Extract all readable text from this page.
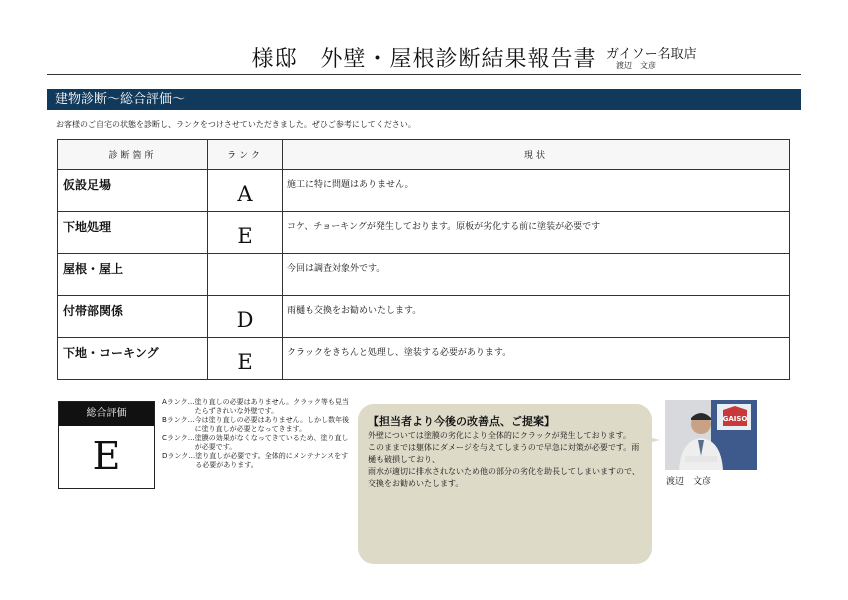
様邸　外壁・屋根診断結果報告書 ガイソー名取店
渡辺　文彦
建物診断～総合評価～
お客様のご自宅の状態を診断し、ランクをつけさせていただきました。ぜひご参考にしてください。
診断箇所	ランク	現状
仮設足場	A	施工に特に問題はありません。
下地処理	E	コケ、チョーキングが発生しております。原板が劣化する前に塗装が必要です
屋根・屋上		今回は調査対象外です。
付帯部関係	D	雨樋も交換をお勧めいたします。
下地・コーキング	E	クラックをきちんと処理し、塗装する必要があります。
総合評価
E
Aランク… 塗り直しの必要はありません。クラック等も見当たらずきれいな外壁です。
Bランク… 今は塗り直しの必要はありません。しかし数年後に塗り直しが必要となってきます。
Cランク… 塗膜の効果がなくなってきているため、塗り直しが必要です。
Dランク… 塗り直しが必要です。全体的にメンテナンスをする必要があります。
【担当者より今後の改善点、ご提案】
外壁については塗膜の劣化により全体的にクラックが発生しております。
このままでは躯体にダメージを与えてしまうので早急に対策が必要です。雨樋も破損しており、
雨水が適切に排水されないため他の部分の劣化を助長してしまいますので、交換をお勧めいたします。
GAISO
渡辺　文彦
